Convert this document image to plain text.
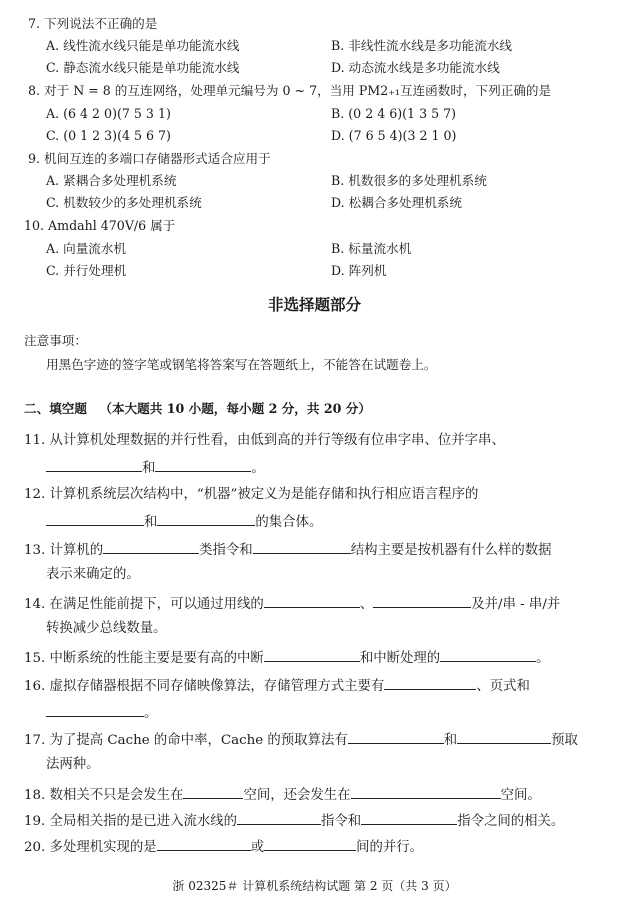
7. 下列说法不正确的是
A. 线性流水线只能是单功能流水线	B. 非线性流水线是多功能流水线
C. 静态流水线只能是单功能流水线	D. 动态流水线是多功能流水线
8. 对于 N = 8 的互连网络，处理单元编号为 0 ~ 7，当用 PM2₊₁互连函数时，下列正确的是
A. (6 4 2 0)(7 5 3 1)	B. (0 2 4 6)(1 3 5 7)
C. (0 1 2 3)(4 5 6 7)	D. (7 6 5 4)(3 2 1 0)
9. 机间互连的多端口存储器形式适合应用于
A. 紧耦合多处理机系统	B. 机数很多的多处理机系统
C. 机数较少的多处理机系统	D. 松耦合多处理机系统
10. Amdahl 470V/6 属于
A. 向量流水机	B. 标量流水机
C. 并行处理机	D. 阵列机
非选择题部分
注意事项：
用黑色字迹的签字笔或钢笔将答案写在答题纸上，不能答在试题卷上。
二、填空题 （本大题共 10 小题，每小题 2 分，共 20 分）
11. 从计算机处理数据的并行性看，由低到高的并行等级有位串字串、位并字串、
和	。
12. 计算机系统层次结构中，“机器”被定义为是能存储和执行相应语言程序的
和	的集合体。
13. 计算机的	类指令和	结构主要是按机器有什么样的数据
表示来确定的。
14. 在满足性能前提下，可以通过用线的	、	及并/串 - 串/并
转换减少总线数量。
15. 中断系统的性能主要是要有高的中断	和中断处理的	。
16. 虚拟存储器根据不同存储映像算法，存储管理方式主要有	、页式和
。
17. 为了提高 Cache 的命中率，Cache 的预取算法有	和	预取
法两种。
18. 数相关不只是会发生在	空间，还会发生在	空间。
19. 全局相关指的是已进入流水线的	指令和	指令之间的相关。
20. 多处理机实现的是	或	间的并行。
浙 02325＃ 计算机系统结构试题 第 2 页（共 3 页）
